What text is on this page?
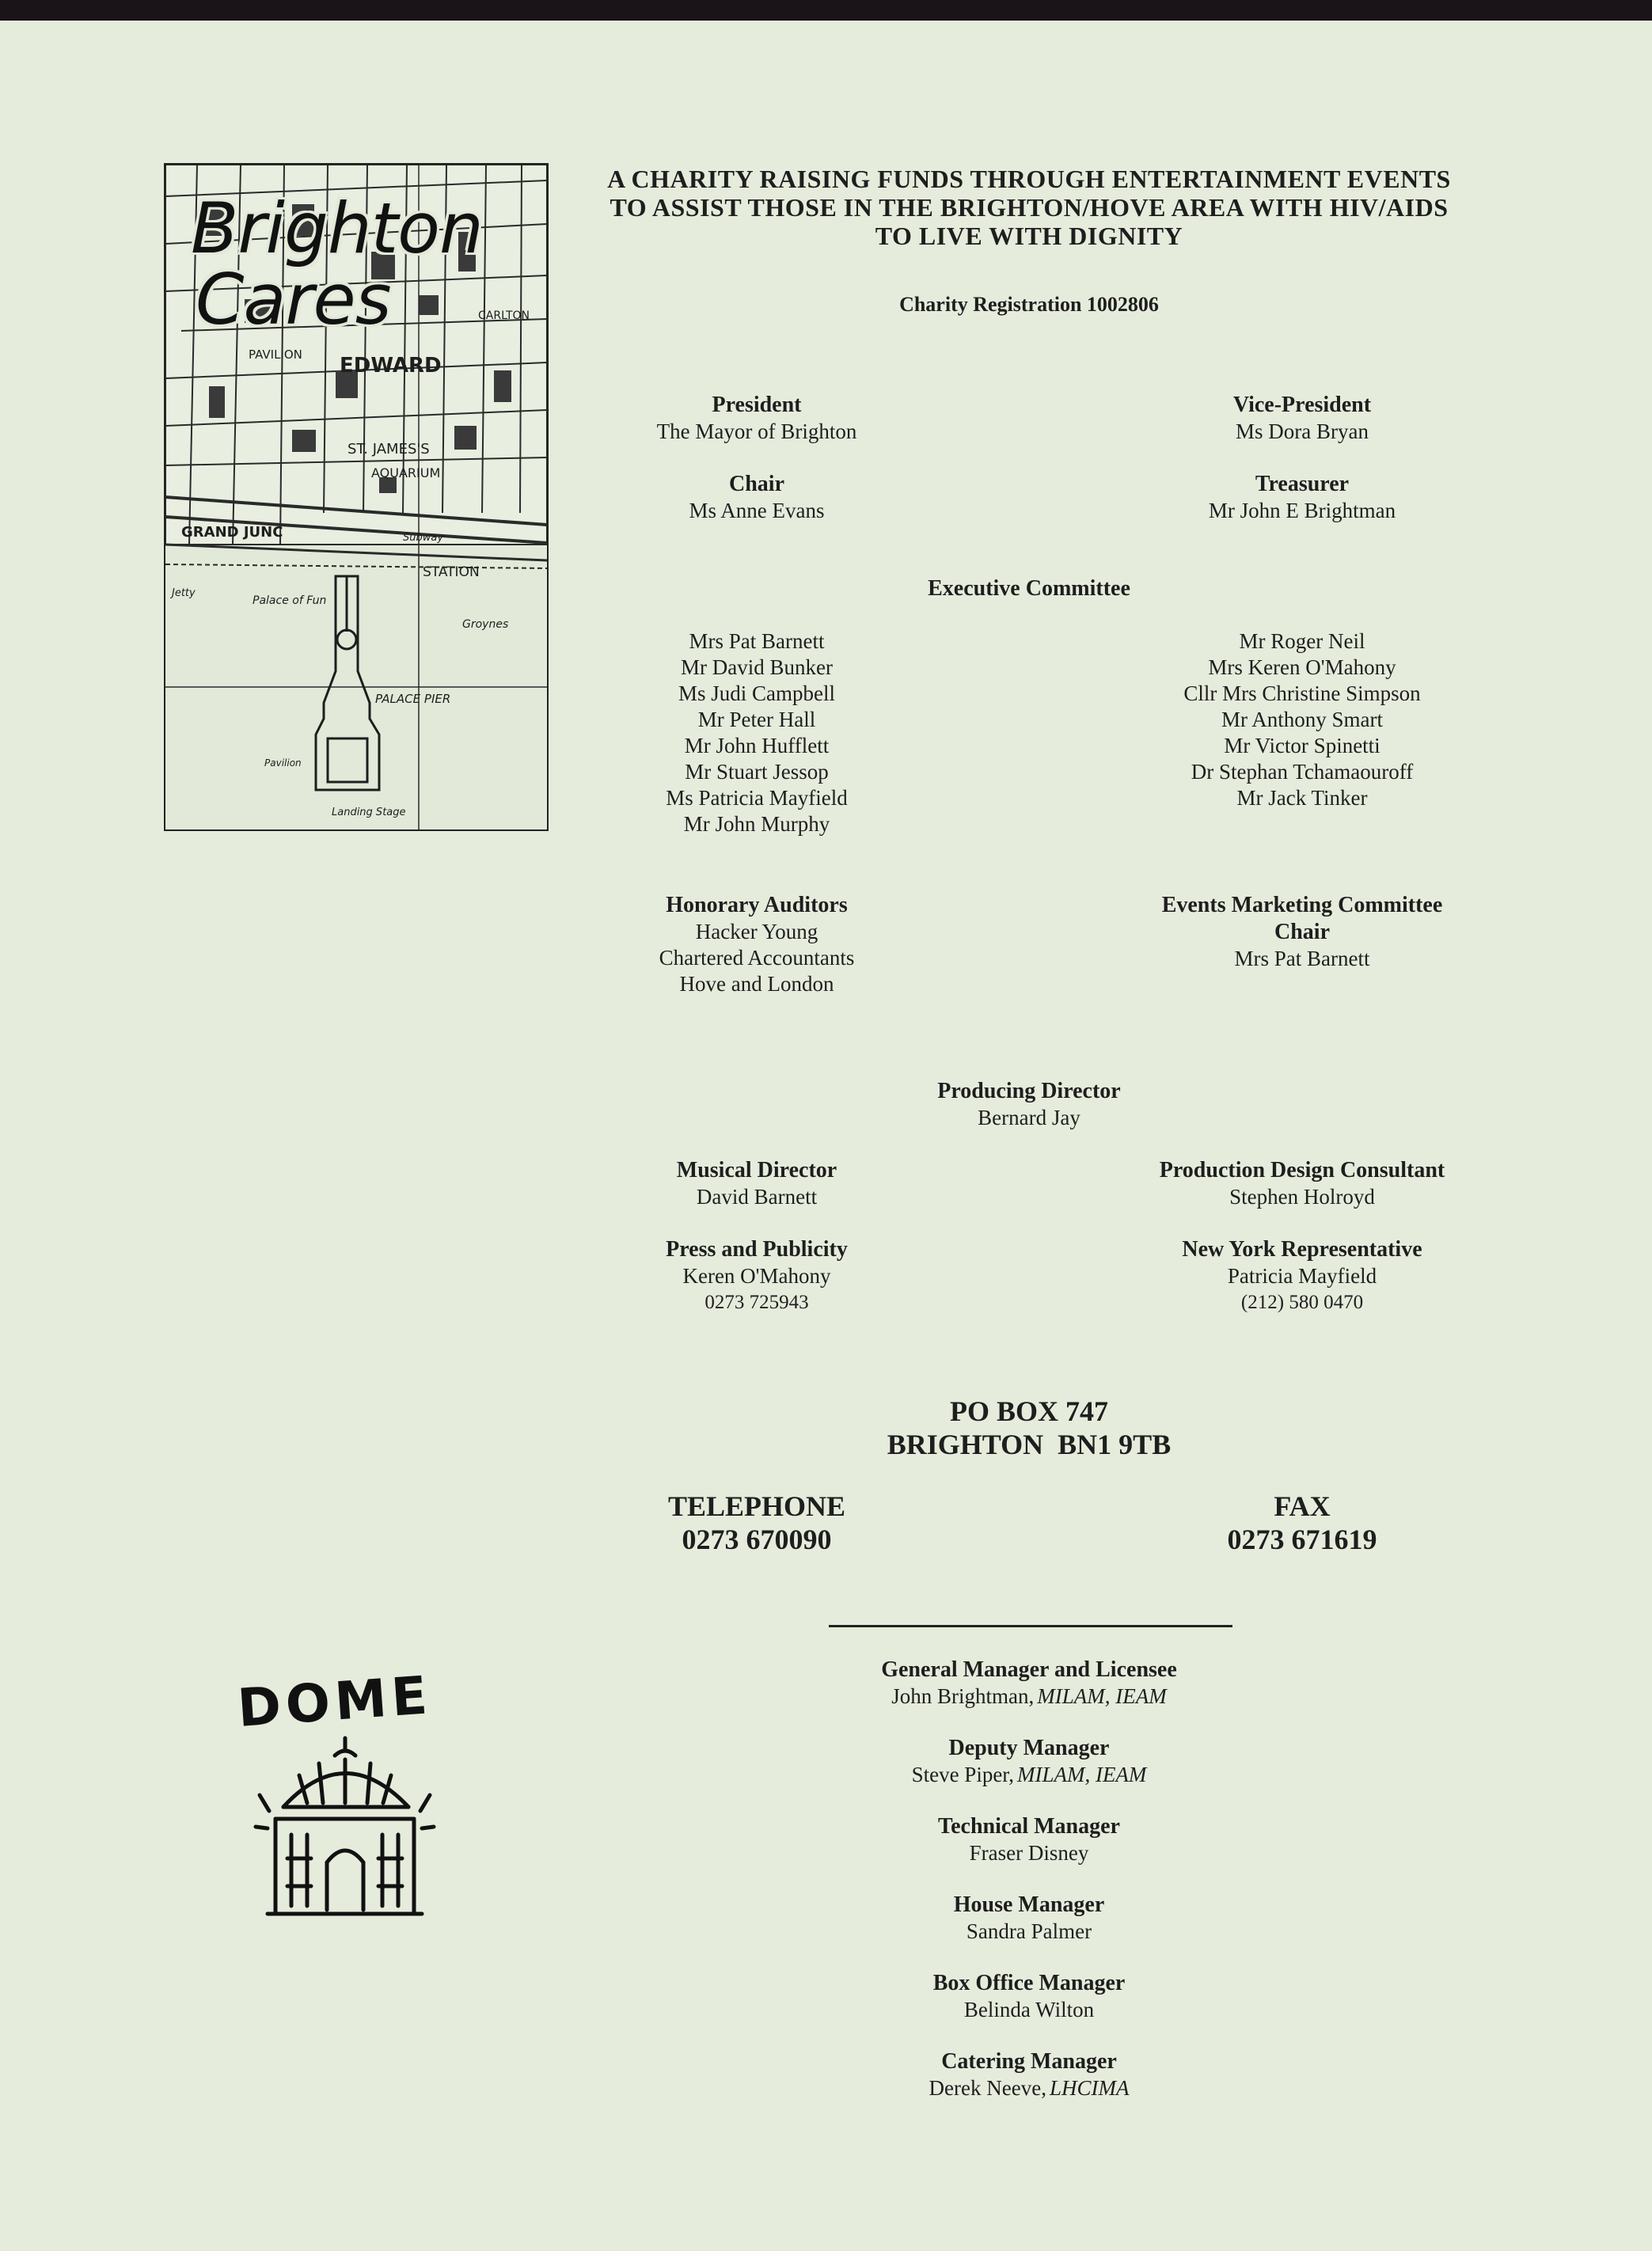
EDWARD
ST. JAMES'S
AQUARIUM
GRAND JUNC
STATION
Palace of Fun
Groynes
PALACE PIER
Pavilion
Landing Stage
Jetty
PAVILION
CARLTON
Subway
Brighton
Cares
A CHARITY RAISING FUNDS THROUGH ENTERTAINMENT EVENTS
TO ASSIST THOSE IN THE BRIGHTON/HOVE AREA WITH HIV/AIDS
TO LIVE WITH DIGNITY
Charity Registration 1002806
President
The Mayor of Brighton
Vice-President
Ms Dora Bryan
Chair
Ms Anne Evans
Treasurer
Mr John E Brightman
Executive Committee
Mrs Pat Barnett
Mr David Bunker
Ms Judi Campbell
Mr Peter Hall
Mr John Hufflett
Mr Stuart Jessop
Ms Patricia Mayfield
Mr John Murphy
Mr Roger Neil
Mrs Keren O'Mahony
Cllr Mrs Christine Simpson
Mr Anthony Smart
Mr Victor Spinetti
Dr Stephan Tchamaouroff
Mr Jack Tinker
Honorary Auditors
Hacker Young
Chartered Accountants
Hove and London
Events Marketing Committee
Chair
Mrs Pat Barnett
Producing Director
Bernard Jay
Musical Director
David Barnett
Production Design Consultant
Stephen Holroyd
Press and Publicity
Keren O'Mahony
0273 725943
New York Representative
Patricia Mayfield
(212) 580 0470
PO BOX 747
BRIGHTON  BN1 9TB
TELEPHONE
0273 670090
FAX
0273 671619
DOME	General Manager and Licensee
John Brightman, MILAM, IEAM
Deputy Manager
Steve Piper, MILAM, IEAM
Technical Manager
Fraser Disney
House Manager
Sandra Palmer
Box Office Manager
Belinda Wilton
Catering Manager
Derek Neeve, LHCIMA
